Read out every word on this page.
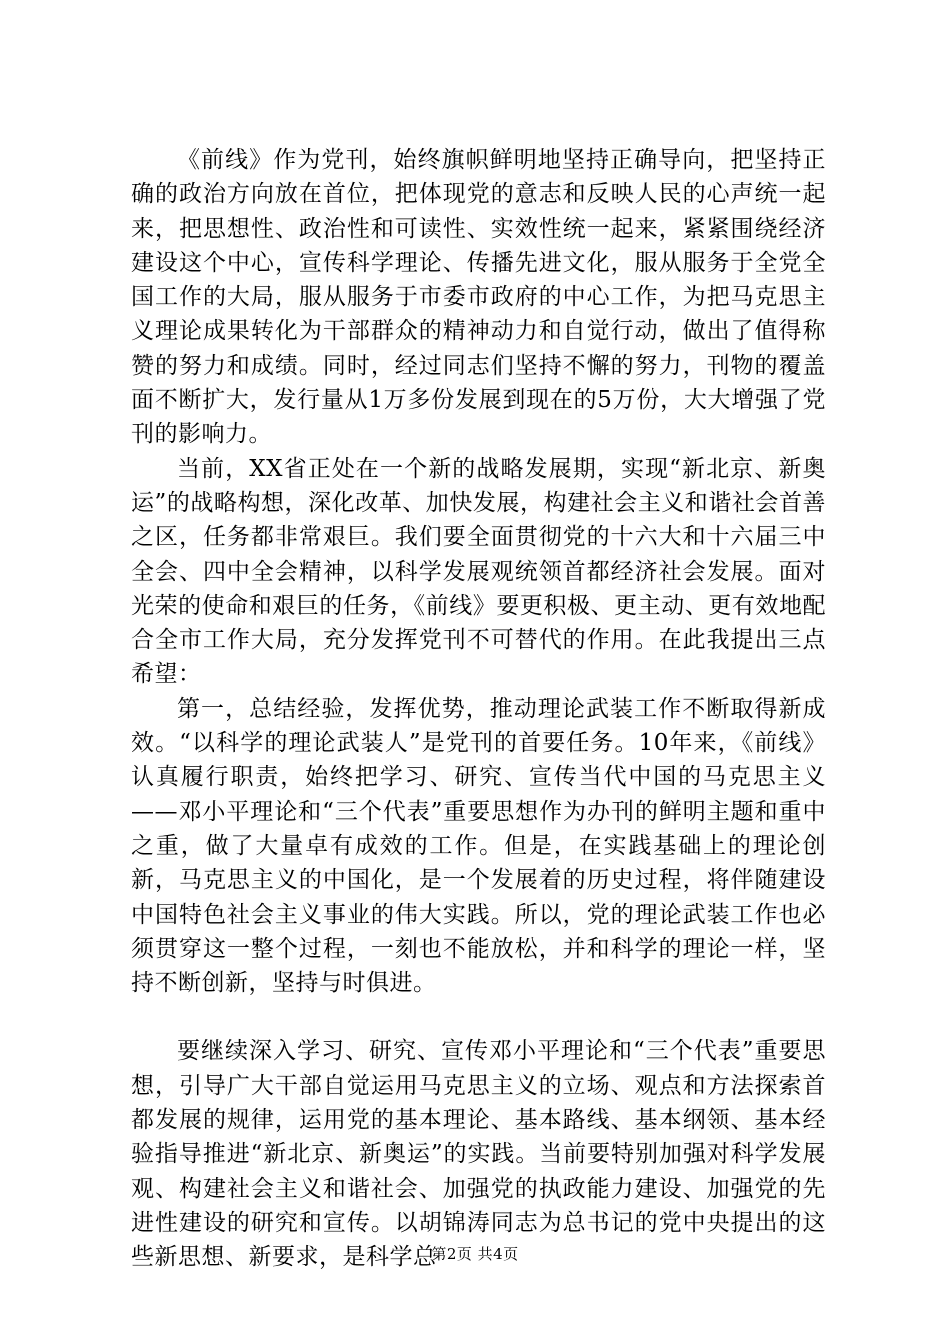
《前线》作为党刊，始终旗帜鲜明地坚持正确导向，把坚持正确的政治方向放在首位，把体现党的意志和反映人民的心声统一起来，把思想性、政治性和可读性、实效性统一起来，紧紧围绕经济建设这个中心，宣传科学理论、传播先进文化，服从服务于全党全国工作的大局，服从服务于市委市政府的中心工作，为把马克思主义理论成果转化为干部群众的精神动力和自觉行动，做出了值得称赞的努力和成绩。同时，经过同志们坚持不懈的努力，刊物的覆盖面不断扩大，发行量从1万多份发展到现在的5万份，大大增强了党刊的影响力。

当前，XX省正处在一个新的战略发展期，实现“新北京、新奥运”的战略构想，深化改革、加快发展，构建社会主义和谐社会首善之区，任务都非常艰巨。我们要全面贯彻党的十六大和十六届三中全会、四中全会精神，以科学发展观统领首都经济社会发展。面对光荣的使命和艰巨的任务，《前线》要更积极、更主动、更有效地配合全市工作大局，充分发挥党刊不可替代的作用。在此我提出三点希望：

第一，总结经验，发挥优势，推动理论武装工作不断取得新成效。“以科学的理论武装人”是党刊的首要任务。10年来，《前线》认真履行职责，始终把学习、研究、宣传当代中国的马克思主义——邓小平理论和“三个代表”重要思想作为办刊的鲜明主题和重中之重，做了大量卓有成效的工作。但是，在实践基础上的理论创新，马克思主义的中国化，是一个发展着的历史过程，将伴随建设中国特色社会主义事业的伟大实践。所以，党的理论武装工作也必须贯穿这一整个过程，一刻也不能放松，并和科学的理论一样，坚持不断创新，坚持与时俱进。

要继续深入学习、研究、宣传邓小平理论和“三个代表”重要思想，引导广大干部自觉运用马克思主义的立场、观点和方法探索首都发展的规律，运用党的基本理论、基本路线、基本纲领、基本经验指导推进“新北京、新奥运”的实践。当前要特别加强对科学发展观、构建社会主义和谐社会、加强党的执政能力建设、加强党的先进性建设的研究和宣传。以胡锦涛同志为总书记的党中央提出的这些新思想、新要求，是科学总

第2页 共4页
